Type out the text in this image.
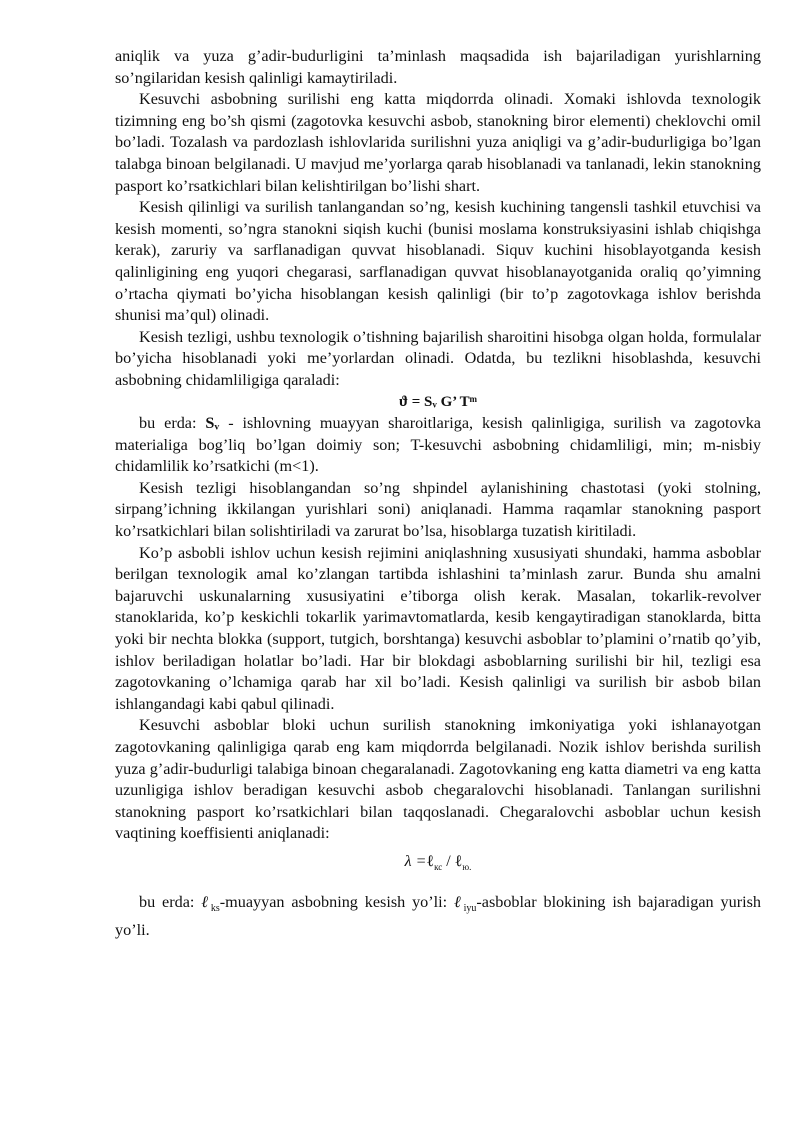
aniqlik va yuza g’adir-budurligini ta’minlash maqsadida ish bajariladigan yurishlarning so’ngilaridan kesish qalinligi kamaytiriladi.

Kesuvchi asbobning surilishi eng katta miqdorrda olinadi. Xomaki ishlovda texnologik tizimning eng bo’sh qismi (zagotovka kesuvchi asbob, stanokning biror elementi) cheklovchi omil bo’ladi. Tozalash va pardozlash ishlovlarida surilishni yuza aniqligi va g’adir-budurligiga bo’lgan talabga binoan belgilanadi. U mavjud me’yorlarga qarab hisoblanadi va tanlanadi, lekin stanokning pasport ko’rsatkichlari bilan kelishtirilgan bo’lishi shart.

Kesish qilinligi va surilish tanlangandan so’ng, kesish kuchining tangensli tashkil etuvchisi va kesish momenti, so’ngra stanokni siqish kuchi (bunisi moslama konstruksiyasini ishlab chiqishga kerak), zaruriy va sarflanadigan quvvat hisoblanadi. Siquv kuchini hisoblayotganda kesish qalinligining eng yuqori chegarasi, sarflanadigan quvvat hisoblanayotganida oraliq qo’yimning o’rtacha qiymati bo’yicha hisoblangan kesish qalinligi (bir to’p zagotovkaga ishlov berishda shunisi ma’qul) olinadi.

Kesish tezligi, ushbu texnologik o’tishning bajarilish sharoitini hisobga olgan holda, formulalar bo’yicha hisoblanadi yoki me’yorlardan olinadi. Odatda, bu tezlikni hisoblashda, kesuvchi asbobning chidamliligiga qaraladi:

ϑ = Sᵥ G’ Tᵐ

bu erda: Sᵥ - ishlovning muayyan sharoitlariga, kesish qalinligiga, surilish va zagotovka materialiga bog’liq bo’lgan doimiy son; T-kesuvchi asbobning chidamliligi, min; m-nisbiy chidamlilik ko’rsatkichi (m<1).

Kesish tezligi hisoblangandan so’ng shpindel aylanishining chastotasi (yoki stolning, sirpang’ichning ikkilangan yurishlari soni) aniqlanadi. Hamma raqamlar stanokning pasport ko’rsatkichlari bilan solishtiriladi va zarurat bo’lsa, hisoblarga tuzatish kiritiladi.

Ko’p asbobli ishlov uchun kesish rejimini aniqlashning xususiyati shundaki, hamma asboblar berilgan texnologik amal ko’zlangan tartibda ishlashini ta’minlash zarur. Bunda shu amalni bajaruvchi uskunalarning xususiyatini e’tiborga olish kerak. Masalan, tokarlik-revolver stanoklarida, ko’p keskichli tokarlik yarimavtomatlarda, kesib kengaytiradigan stanoklarda, bitta yoki bir nechta blokka (support, tutgich, borshtanga) kesuvchi asboblar to’plamini o’rnatib qo’yib, ishlov beriladigan holatlar bo’ladi. Har bir blokdagi asboblarning surilishi bir hil, tezligi esa zagotovkaning o’lchamiga qarab har xil bo’ladi. Kesish qalinligi va surilish bir asbob bilan ishlangandagi kabi qabul qilinadi.

Kesuvchi asboblar bloki uchun surilish stanokning imkoniyatiga yoki ishlanayotgan zagotovkaning qalinligiga qarab eng kam miqdorrda belgilanadi. Nozik ishlov berishda surilish yuza g’adir-budurligi talabiga binoan chegaralanadi. Zagotovkaning eng katta diametri va eng katta uzunligiga ishlov beradigan kesuvchi asbob chegaralovchi hisoblanadi. Tanlangan surilishni stanokning pasport ko’rsatkichlari bilan taqqoslanadi. Chegaralovchi asboblar uchun kesish vaqtining koeffisienti aniqlanadi:

λ =ℓ$_{кс}$ / ℓ$_{ю.}$

bu erda: ℓ$_{ks}$-muayyan asbobning kesish yo’li: ℓ$_{iyu}$-asboblar blokining ish bajaradigan yurish yo’li.
